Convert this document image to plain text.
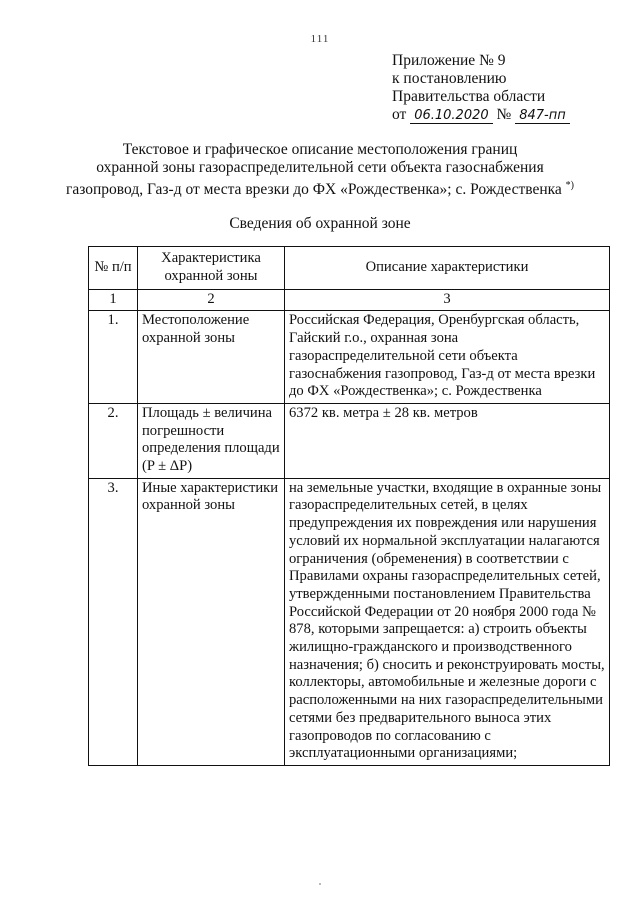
111
Приложение № 9
к постановлению
Правительства области
от 06.10.2020 № 847-пп
Текстовое и графическое описание местоположения границ
охранной зоны газораспределительной сети объекта газоснабжения
газопровод, Газ-д от места врезки до ФХ «Рождественка»; с. Рождественка *)
Сведения об охранной зоне
№ п/п	Характеристика охранной зоны	Описание характеристики
1	2	3
1.	Местоположение охранной зоны	Российская Федерация, Оренбургская область, Гайский г.о., охранная зона газораспределительной сети объекта газоснабжения газопровод, Газ-д от места врезки до ФХ «Рождественка»; с. Рождественка
2.	Площадь ± величина погрешности определения площади (P ± ΔP)	6372 кв. метра ± 28 кв. метров
3.	Иные характеристики охранной зоны	на земельные участки, входящие в охранные зоны газораспределительных сетей, в целях предупреждения их повреждения или нарушения условий их нормальной эксплуатации налагаются ограничения (обременения) в соответствии с Правилами охраны газораспределительных сетей, утвержденными постановлением Правительства Российской Федерации от 20 ноября 2000 года № 878, которыми запрещается: а) строить объекты жилищно-гражданского и производственного назначения; б) сносить и реконструировать мосты, коллекторы, автомобильные и железные дороги с расположенными на них газораспределительными сетями без предварительного выноса этих газопроводов по согласованию с эксплуатационными организациями;
